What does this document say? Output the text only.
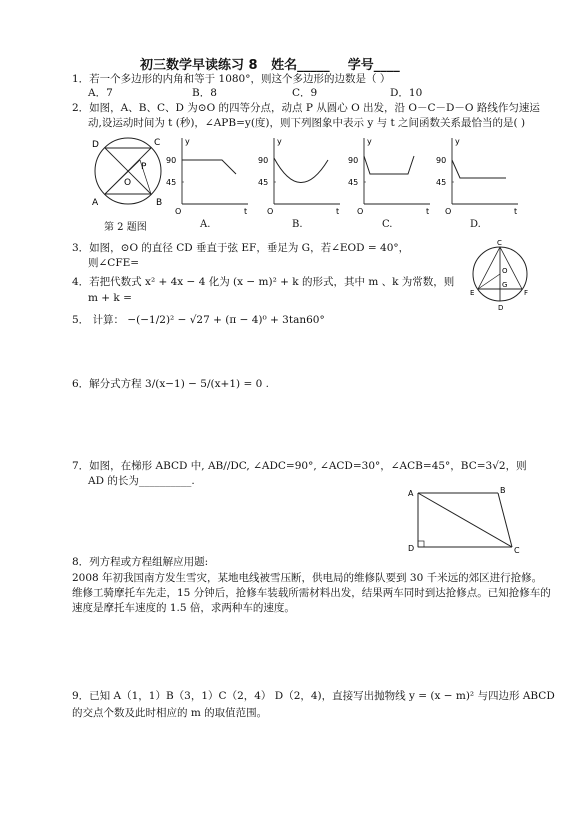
初三数学早读练习 8 姓名_____ 学号____
1．若一个多边形的内角和等于 1080°，则这个多边形的边数是（ ）
A．7	B．8	C．9	D．10
2．如图，A、B、C、D 为⊙O 的四等分点，动点 P 从圆心 O 出发，沿 O－C－D－O 路线作匀速运
动,设运动时间为 t (秒)，∠APB=y(度)，则下列图象中表示 y 与 t 之间函数关系最恰当的是( )
D	C
A	B
O
P
第 2 题图
y
t
O
90
45
y
t
O
90
45
y
t
O
90
45
y
t
O
90
45
A.	B.	C.	D.
3．如图，⊙O 的直径 CD 垂直于弦 EF，垂足为 G，若∠EOD = 40°，
则∠CFE=
C
D
E	F
G
O
4．若把代数式 x² + 4x − 4 化为 (x − m)² + k 的形式，其中 m 、k 为常数，则
m + k =
5． 计算： −(−1/2)² − √27 + (π − 4)⁰ + 3tan60°
6．解分式方程 3/(x−1) − 5/(x+1) = 0 .
7．如图，在梯形 ABCD 中, AB//DC, ∠ADC=90°, ∠ACD=30°，∠ACB=45°，BC=3√2，则
AD 的长为__________.
A	B
D	C
8．列方程或方程组解应用题:
2008 年初我国南方发生雪灾，某地电线被雪压断，供电局的维修队要到 30 千米远的郊区进行抢修。维修工骑摩托车先走，15 分钟后，抢修车装载所需材料出发，结果两车同时到达抢修点。已知抢修车的速度是摩托车速度的 1.5 倍，求两种车的速度。
9．已知 A（1，1）B（3，1）C（2，4） D（2，4)，直接写出抛物线 y = (x − m)² 与四边形 ABCD
的交点个数及此时相应的 m 的取值范围。
